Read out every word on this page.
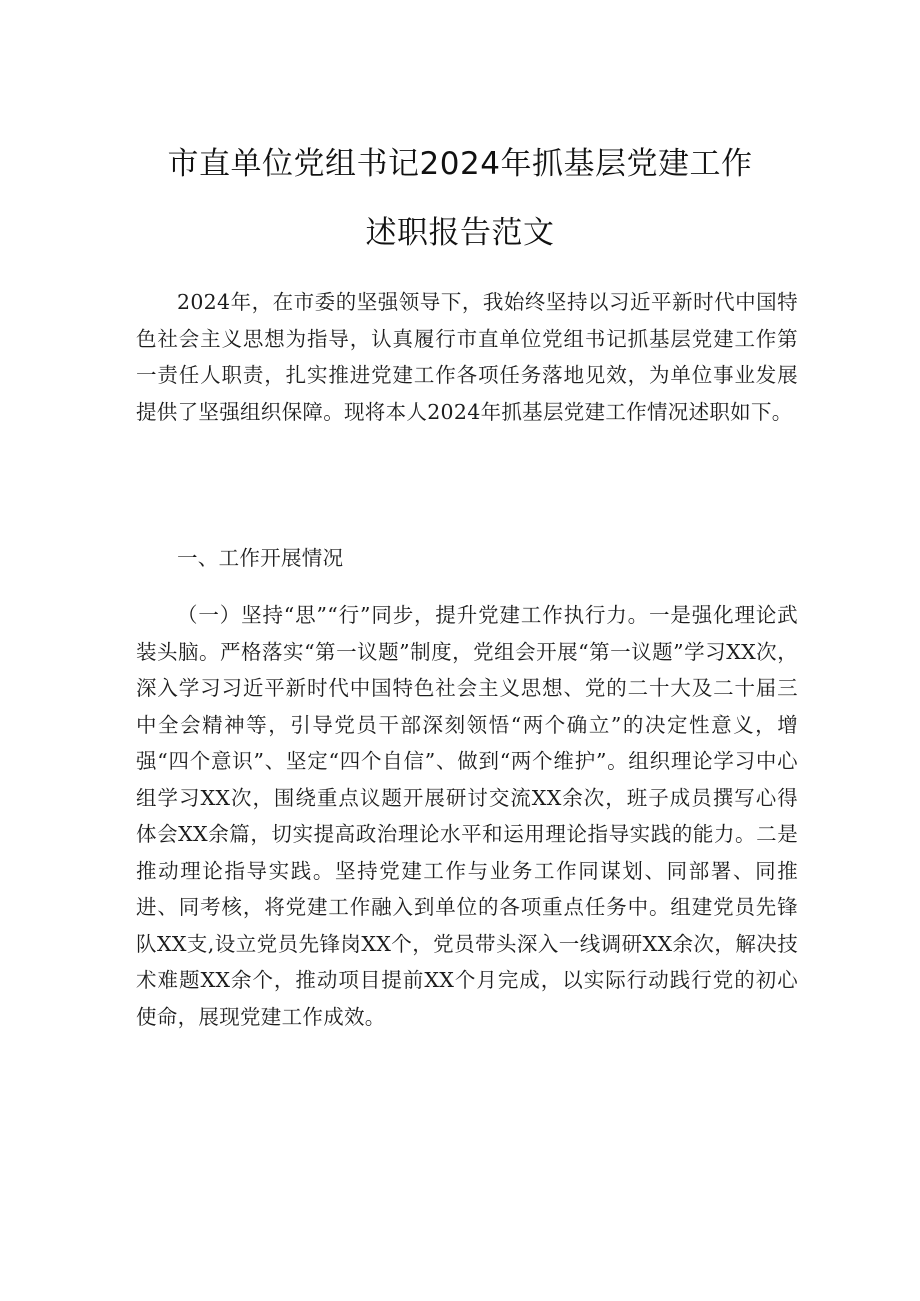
市直单位党组书记2024年抓基层党建工作
述职报告范文

2024年，在市委的坚强领导下，我始终坚持以习近平新时代中国特色社会主义思想为指导，认真履行市直单位党组书记抓基层党建工作第一责任人职责，扎实推进党建工作各项任务落地见效，为单位事业发展提供了坚强组织保障。现将本人2024年抓基层党建工作情况述职如下。

一、工作开展情况

（一）坚持“思”“行”同步，提升党建工作执行力。一是强化理论武装头脑。严格落实“第一议题”制度，党组会开展“第一议题”学习XX次，深入学习习近平新时代中国特色社会主义思想、党的二十大及二十届三中全会精神等，引导党员干部深刻领悟“两个确立”的决定性意义，增强“四个意识”、坚定“四个自信”、做到“两个维护”。组织理论学习中心组学习XX次，围绕重点议题开展研讨交流XX余次，班子成员撰写心得体会XX余篇，切实提高政治理论水平和运用理论指导实践的能力。二是推动理论指导实践。坚持党建工作与业务工作同谋划、同部署、同推进、同考核，将党建工作融入到单位的各项重点任务中。组建党员先锋队XX支,设立党员先锋岗XX个，党员带头深入一线调研XX余次，解决技术难题XX余个，推动项目提前XX个月完成，以实际行动践行党的初心使命，展现党建工作成效。
